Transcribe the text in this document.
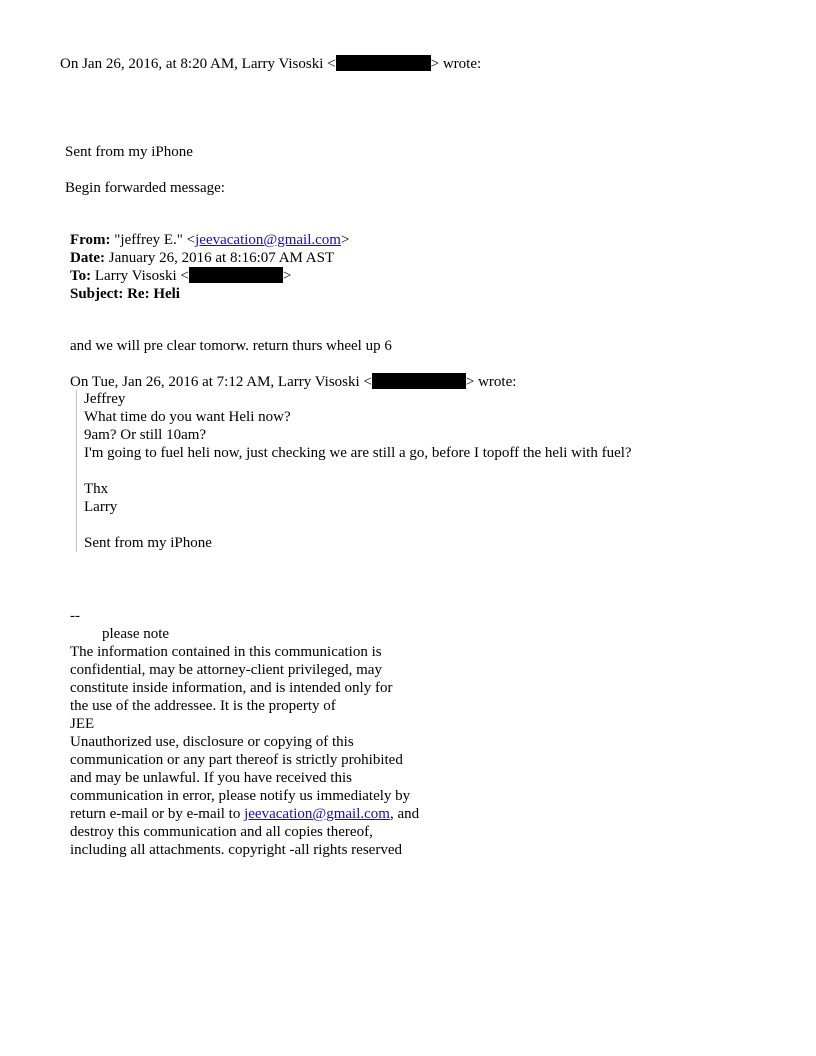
On Jan 26, 2016, at 8:20 AM, Larry Visoski <	> wrote:
Sent from my iPhone
Begin forwarded message:
From: "jeffrey E." <jeevacation@gmail.com>
Date: January 26, 2016 at 8:16:07 AM AST
To: Larry Visoski <	>
Subject: Re: Heli
and we will pre clear tomorw. return thurs wheel up 6
On Tue, Jan 26, 2016 at 7:12 AM, Larry Visoski <	> wrote:
Jeffrey
What time do you want Heli now?
9am? Or still 10am?
I'm going to fuel heli now, just checking we are still a go, before I topoff the heli with fuel?
Thx
Larry
Sent from my iPhone
--
please note
The information contained in this communication is
confidential, may be attorney-client privileged, may
constitute inside information, and is intended only for
the use of the addressee. It is the property of
JEE
Unauthorized use, disclosure or copying of this
communication or any part thereof is strictly prohibited
and may be unlawful. If you have received this
communication in error, please notify us immediately by
return e-mail or by e-mail to jeevacation@gmail.com, and
destroy this communication and all copies thereof,
including all attachments. copyright -all rights reserved
